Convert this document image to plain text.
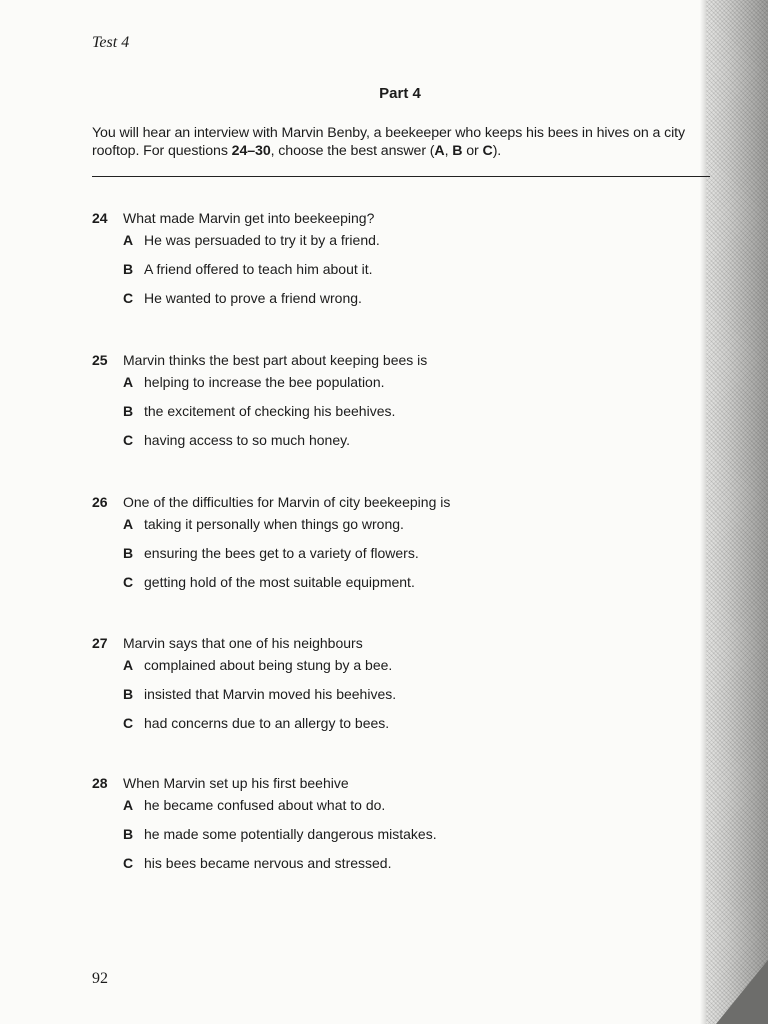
Test 4
Part 4
You will hear an interview with Marvin Benby, a beekeeper who keeps his bees in hives on a city rooftop. For questions 24–30, choose the best answer (A, B or C).
24	What made Marvin get into beekeeping?
A He was persuaded to try it by a friend.
B A friend offered to teach him about it.
C He wanted to prove a friend wrong.
25	Marvin thinks the best part about keeping bees is
A helping to increase the bee population.
B the excitement of checking his beehives.
C having access to so much honey.
26	One of the difficulties for Marvin of city beekeeping is
A taking it personally when things go wrong.
B ensuring the bees get to a variety of flowers.
C getting hold of the most suitable equipment.
27	Marvin says that one of his neighbours
A complained about being stung by a bee.
B insisted that Marvin moved his beehives.
C had concerns due to an allergy to bees.
28	When Marvin set up his first beehive
A he became confused about what to do.
B he made some potentially dangerous mistakes.
C his bees became nervous and stressed.
92
